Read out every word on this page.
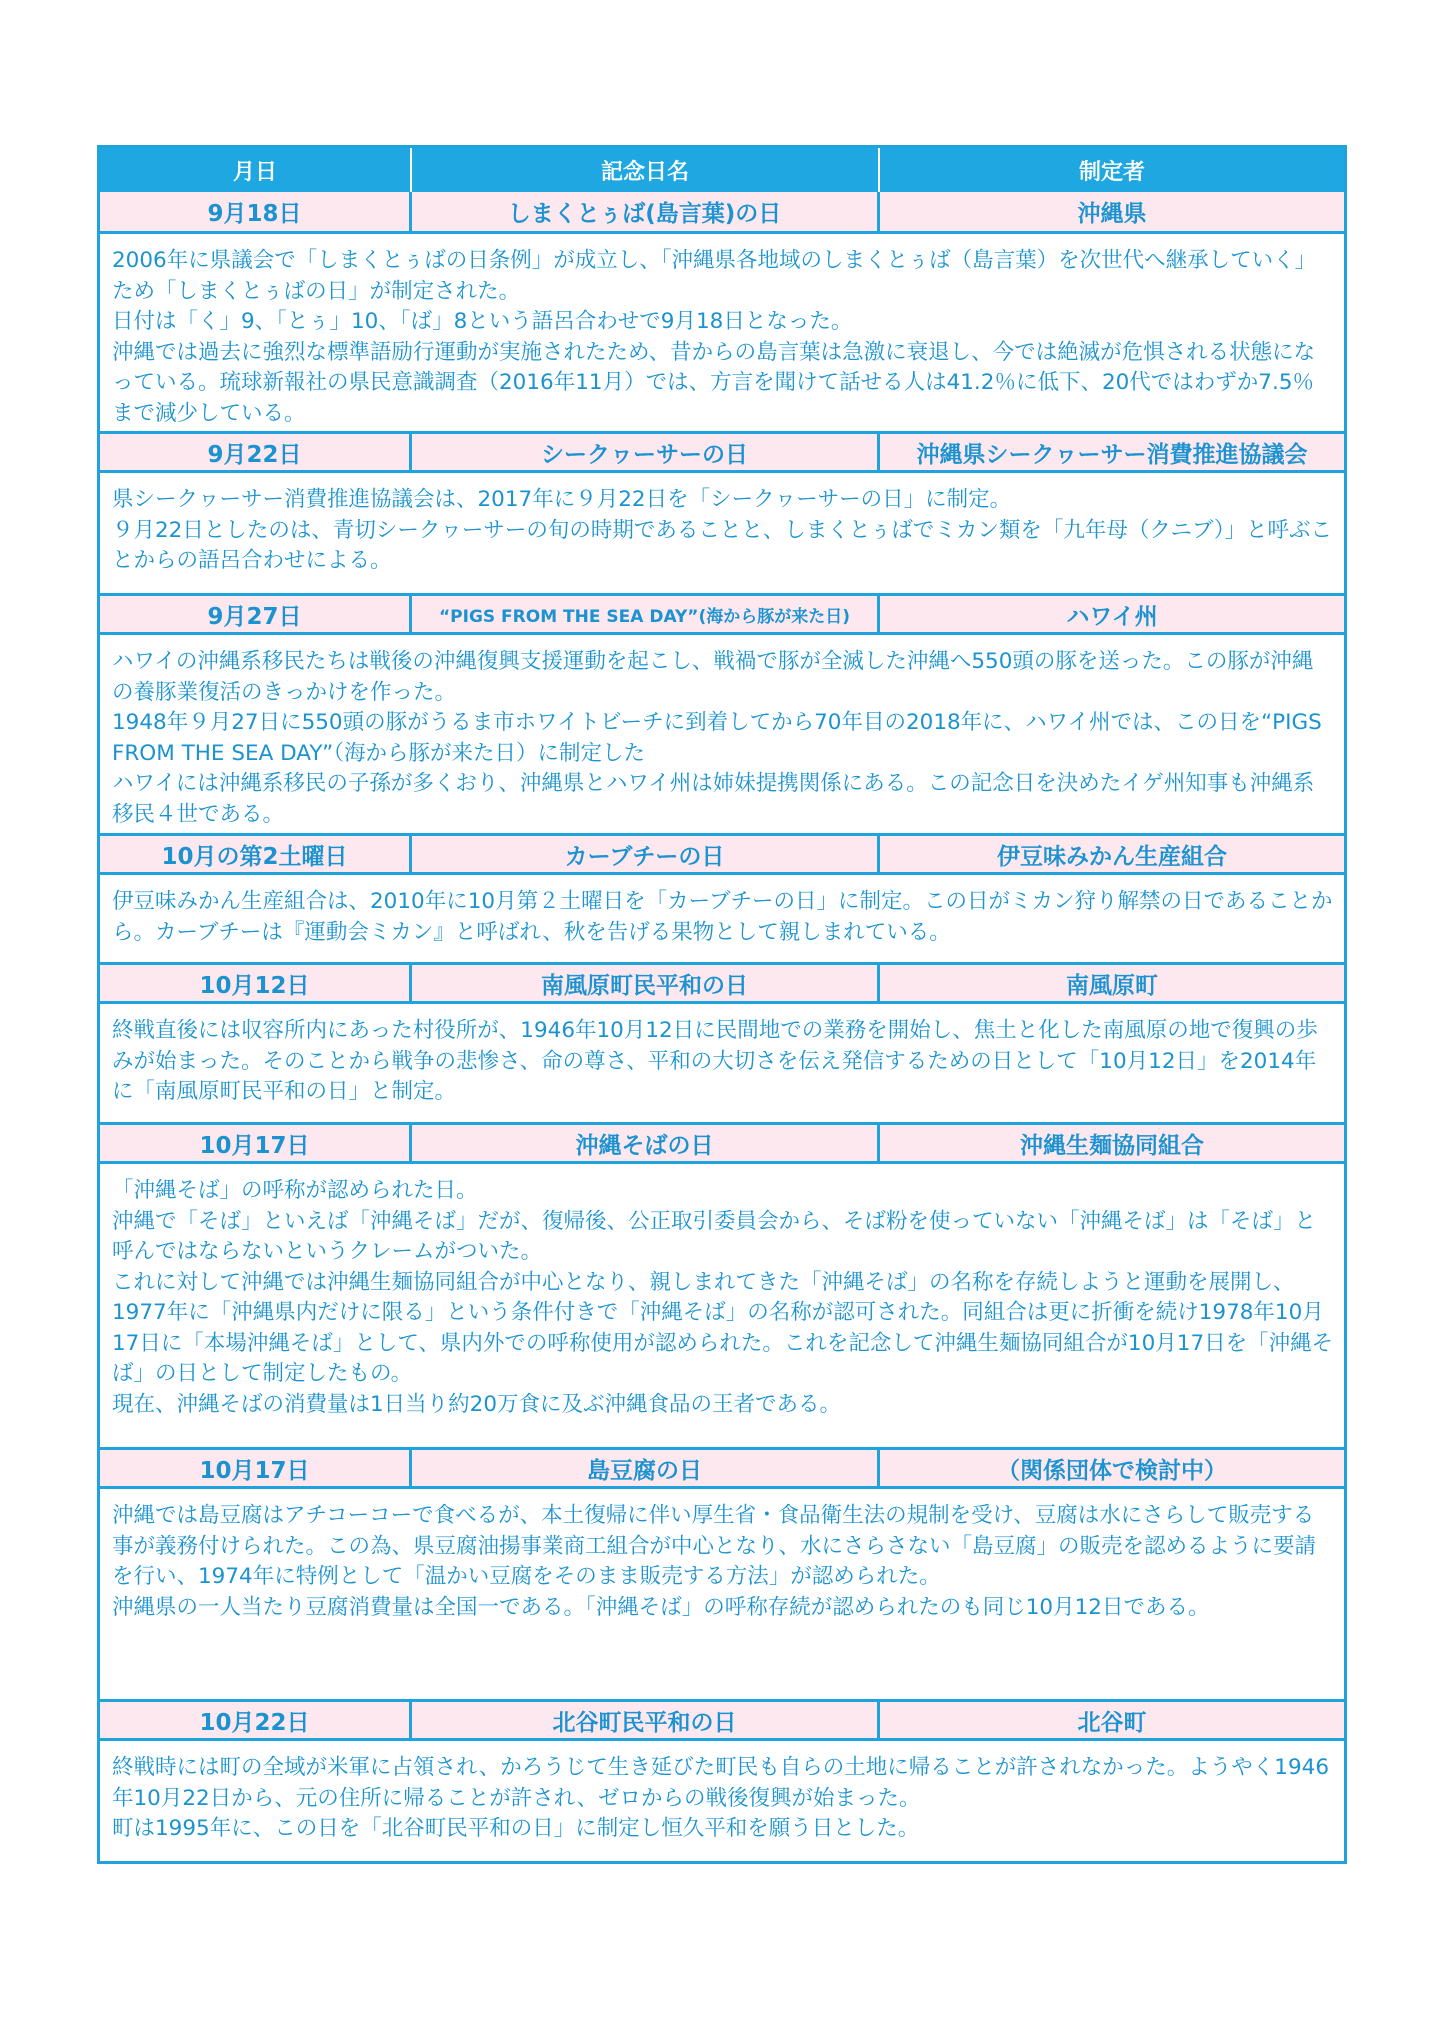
月日	記念日名	制定者
9月18日	しまくとぅば(島言葉)の日	沖縄県

2006年に県議会で「しまくとぅばの日条例」が成立し、「沖縄県各地域のしまくとぅば（島言葉）を次世代へ継承していく」ため「しまくとぅばの日」が制定された。

日付は「く」9、「とぅ」10、「ば」8という語呂合わせで9月18日となった。

沖縄では過去に強烈な標準語励行運動が実施されたため、昔からの島言葉は急激に衰退し、今では絶滅が危惧される状態になっている。琉球新報社の県民意識調査（2016年11月）では、方言を聞けて話せる人は41.2％に低下、20代ではわずか7.5％まで減少している。

9月22日	シークヮーサーの日	沖縄県シークヮーサー消費推進協議会

県シークヮーサー消費推進協議会は、2017年に９月22日を「シークヮーサーの日」に制定。

９月22日としたのは、青切シークヮーサーの旬の時期であることと、しまくとぅばでミカン類を「九年母（クニブ）」と呼ぶことからの語呂合わせによる。

9月27日	“PIGS FROM THE SEA DAY”(海から豚が来た日)	ハワイ州

ハワイの沖縄系移民たちは戦後の沖縄復興支援運動を起こし、戦禍で豚が全滅した沖縄へ550頭の豚を送った。この豚が沖縄の養豚業復活のきっかけを作った。

1948年９月27日に550頭の豚がうるま市ホワイトビーチに到着してから70年目の2018年に、ハワイ州では、この日を“PIGS FROM THE SEA DAY”（海から豚が来た日）に制定した

ハワイには沖縄系移民の子孫が多くおり、沖縄県とハワイ州は姉妹提携関係にある。この記念日を決めたイゲ州知事も沖縄系移民４世である。

10月の第2土曜日	カーブチーの日	伊豆味みかん生産組合

伊豆味みかん生産組合は、2010年に10月第２土曜日を「カーブチーの日」に制定。この日がミカン狩り解禁の日であることから。カーブチーは『運動会ミカン』と呼ばれ、秋を告げる果物として親しまれている。

10月12日	南風原町民平和の日	南風原町

終戦直後には収容所内にあった村役所が、1946年10月12日に民間地での業務を開始し、焦土と化した南風原の地で復興の歩みが始まった。そのことから戦争の悲惨さ、命の尊さ、平和の大切さを伝え発信するための日として「10月12日」を2014年に「南風原町民平和の日」と制定。

10月17日	沖縄そばの日	沖縄生麺協同組合

「沖縄そば」の呼称が認められた日。

沖縄で「そば」といえば「沖縄そば」だが、復帰後、公正取引委員会から、そば粉を使っていない「沖縄そば」は「そば」と呼んではならないというクレームがついた。

これに対して沖縄では沖縄生麺協同組合が中心となり、親しまれてきた「沖縄そば」の名称を存続しようと運動を展開し、1977年に「沖縄県内だけに限る」という条件付きで「沖縄そば」の名称が認可された。同組合は更に折衝を続け1978年10月17日に「本場沖縄そば」として、県内外での呼称使用が認められた。これを記念して沖縄生麺協同組合が10月17日を「沖縄そば」の日として制定したもの。

現在、沖縄そばの消費量は1日当り約20万食に及ぶ沖縄食品の王者である。

10月17日	島豆腐の日	（関係団体で検討中）

沖縄では島豆腐はアチコーコーで食べるが、本土復帰に伴い厚生省・食品衛生法の規制を受け、豆腐は水にさらして販売する事が義務付けられた。この為、県豆腐油揚事業商工組合が中心となり、水にさらさない「島豆腐」の販売を認めるように要請を行い、1974年に特例として「温かい豆腐をそのまま販売する方法」が認められた。

沖縄県の一人当たり豆腐消費量は全国一である。「沖縄そば」の呼称存続が認められたのも同じ10月12日である。

10月22日	北谷町民平和の日	北谷町

終戦時には町の全域が米軍に占領され、かろうじて生き延びた町民も自らの土地に帰ることが許されなかった。ようやく1946年10月22日から、元の住所に帰ることが許され、ゼロからの戦後復興が始まった。

町は1995年に、この日を「北谷町民平和の日」に制定し恒久平和を願う日とした。
